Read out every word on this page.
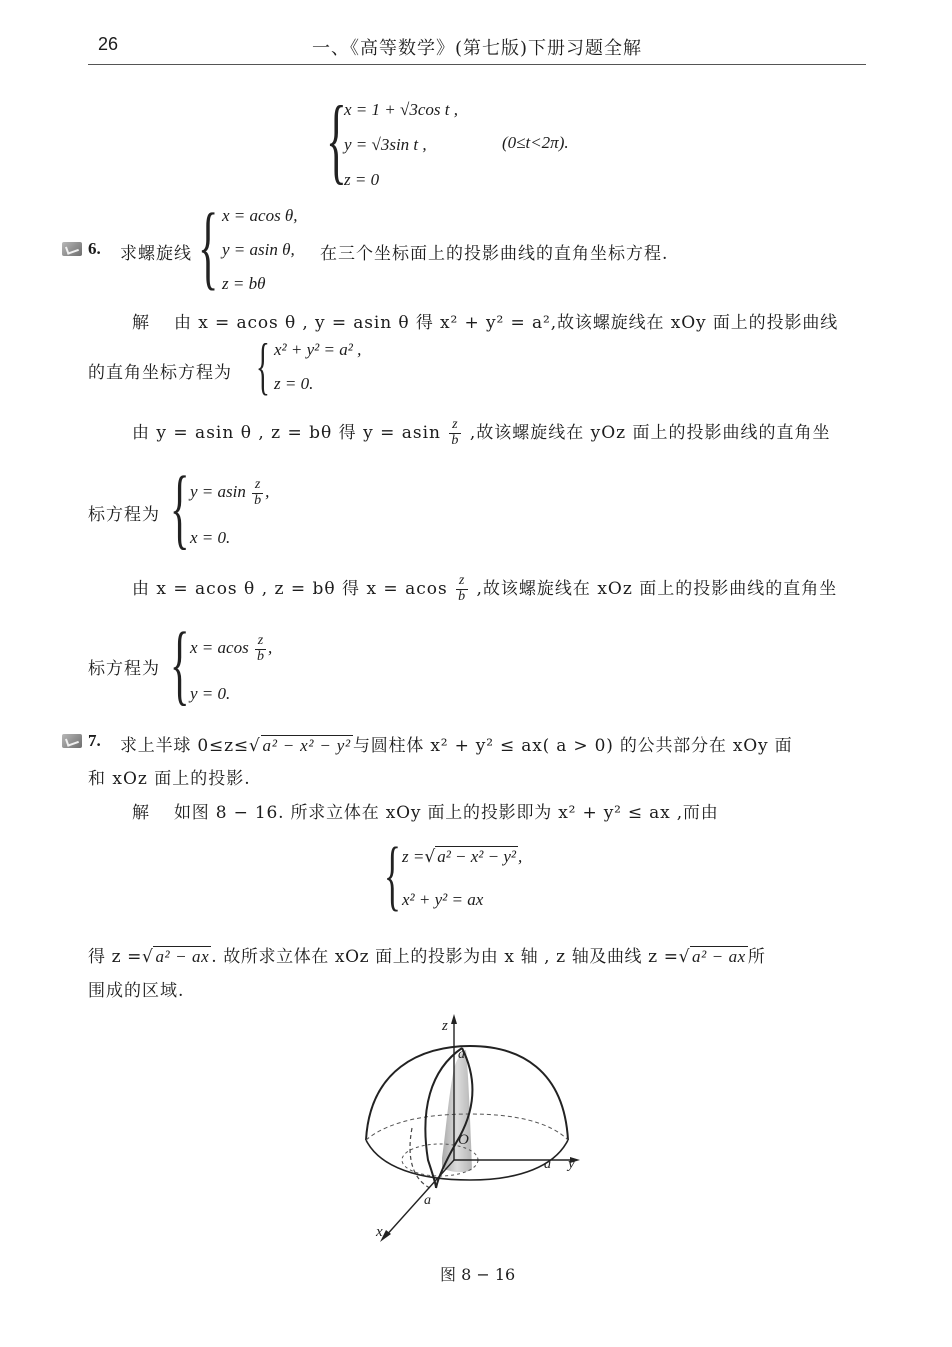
26	一、《高等数学》(第七版)下册习题全解
{
x = 1 + √3cos t ,
y = √3sin t ,
z = 0
(0≤t<2π).
6. 求螺旋线 { x = acos θ,
y = asin θ,
z = bθ
在三个坐标面上的投影曲线的直角坐标方程.
解 由 x = acos θ , y = asin θ 得 x² + y² = a²,故该螺旋线在 xOy 面上的投影曲线
的直角坐标方程为 { x² + y² = a² ,
z = 0.
由 y = asin θ , z = bθ 得 y = asin $\frac{z}{b}$ ,故该螺旋线在 yOz 面上的投影曲线的直角坐
标方程为 { y = asin $\frac{z}{b}$ ,
x = 0.
由 x = acos θ , z = bθ 得 x = acos $\frac{z}{b}$ ,故该螺旋线在 xOz 面上的投影曲线的直角坐
标方程为 { x = acos $\frac{z}{b}$ ,
y = 0.
7. 求上半球 0≤z≤√ a² − x² − y² 与圆柱体 x² + y² ≤ ax( a > 0) 的公共部分在 xOy 面
和 xOz 面上的投影.
解 如图 8 − 16. 所求立体在 xOy 面上的投影即为 x² + y² ≤ ax ,而由
{ z =√ a² − x² − y² ,
x² + y² = ax
得 z =√ a² − ax . 故所求立体在 xOz 面上的投影为由 x 轴 , z 轴及曲线 z =√ a² − ax 所
围成的区域.
z
a
O
a y
a
x
图 8 − 16
